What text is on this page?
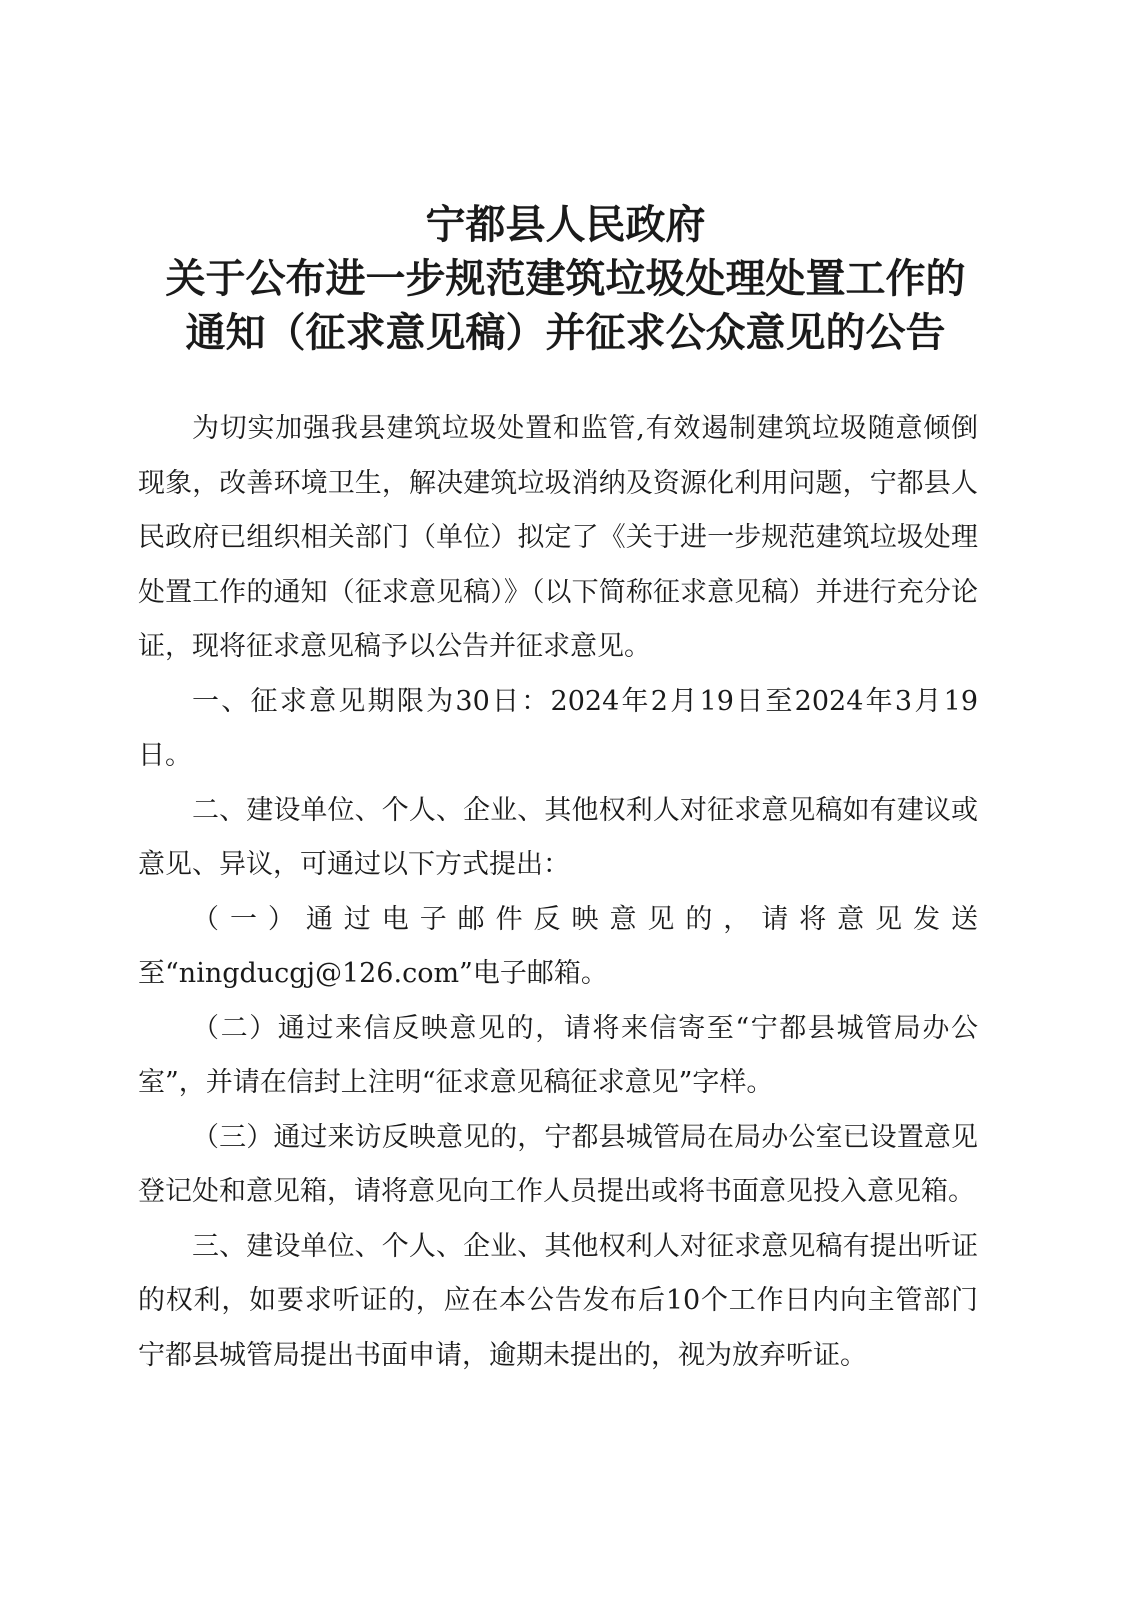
宁都县人民政府
关于公布进一步规范建筑垃圾处理处置工作的
通知（征求意见稿）并征求公众意见的公告

为切实加强我县建筑垃圾处置和监管,有效遏制建筑垃圾随意倾倒现象，改善环境卫生，解决建筑垃圾消纳及资源化利用问题，宁都县人民政府已组织相关部门（单位）拟定了《关于进一步规范建筑垃圾处理处置工作的通知（征求意见稿）》（以下简称征求意见稿）并进行充分论证，现将征求意见稿予以公告并征求意见。

一、征求意见期限为30日：2024年2月19日至2024年3月19日。

二、建设单位、个人、企业、其他权利人对征求意见稿如有建议或意见、异议，可通过以下方式提出：

（一）通过电子邮件反映意见的，请将意见发送至“ningducgj@126.com”电子邮箱。

（二）通过来信反映意见的，请将来信寄至“宁都县城管局办公室”，并请在信封上注明“征求意见稿征求意见”字样。

（三）通过来访反映意见的，宁都县城管局在局办公室已设置意见登记处和意见箱，请将意见向工作人员提出或将书面意见投入意见箱。

三、建设单位、个人、企业、其他权利人对征求意见稿有提出听证的权利，如要求听证的，应在本公告发布后10个工作日内向主管部门宁都县城管局提出书面申请，逾期未提出的，视为放弃听证。
